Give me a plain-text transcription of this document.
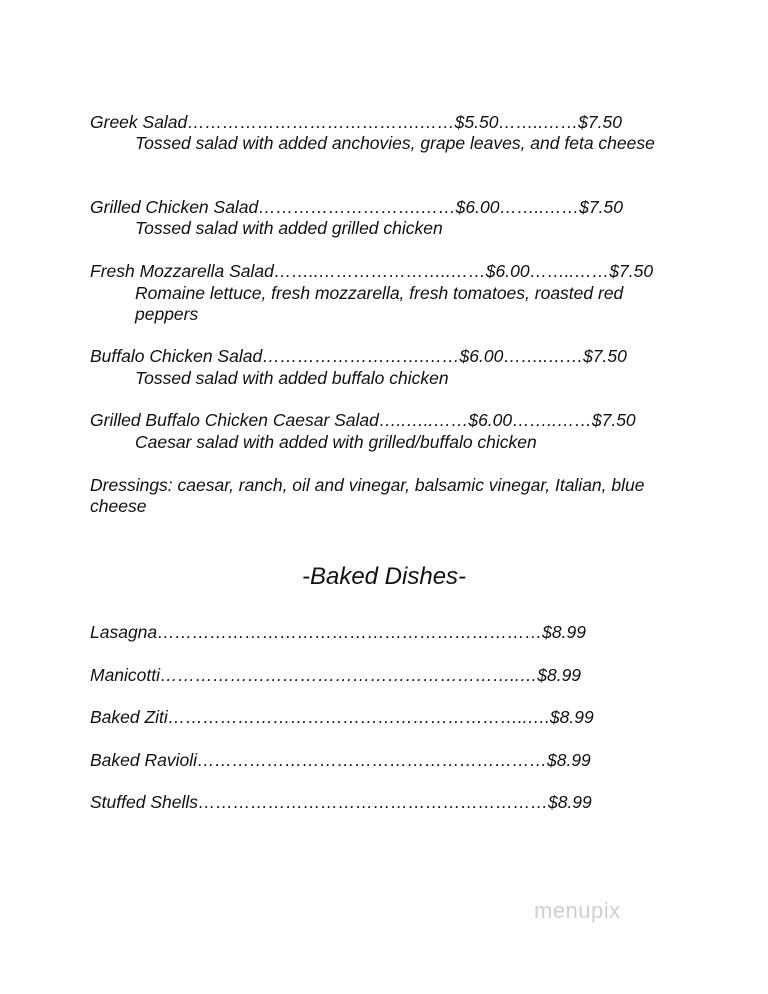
Greek Salad………………………………….……$5.50……..……$7.50
Tossed salad with added anchovies, grape leaves, and feta cheese
Grilled Chicken Salad……………………….……$6.00……..……$7.50
Tossed salad with added grilled chicken
Fresh Mozzarella Salad……..…………………..……$6.00……..……$7.50
Romaine lettuce, fresh mozzarella, fresh tomatoes, roasted red peppers
Buffalo Chicken Salad……………………….……$6.00……..……$7.50
Tossed salad with added buffalo chicken
Grilled Buffalo Chicken Caesar Salad…..…..……$6.00……..……$7.50
Caesar salad with added with grilled/buffalo chicken
Dressings: caesar, ranch, oil and vinegar, balsamic vinegar, Italian, blue cheese
-Baked Dishes-
Lasagna…………………………………………………………$8.99
Manicotti……………………………………………………..…$8.99
Baked Ziti……………………………………………………..….$8.99
Baked Ravioli……………………………………………………$8.99
Stuffed Shells……………………………………………………$8.99
menupix
